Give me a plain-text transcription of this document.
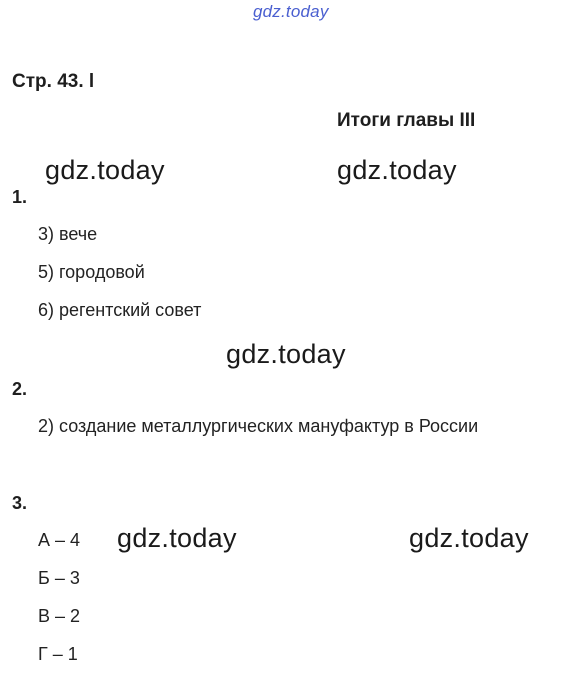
gdz.today
Стр. 43. l
Итоги главы III
gdz.today	gdz.today
gdz.today
gdz.today	gdz.today
1.
3) вече
5) городовой
6) регентский совет
2.
2) создание металлургических мануфактур в России
3.
А – 4
Б – 3
В – 2
Г – 1
